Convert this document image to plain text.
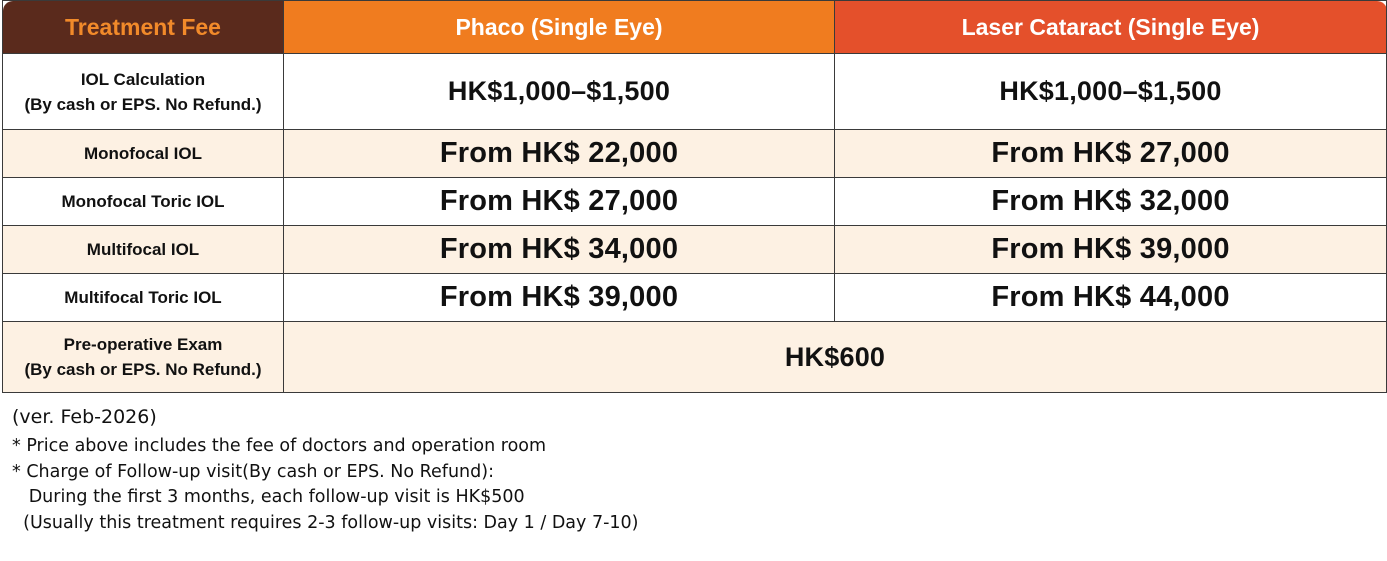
Treatment Fee	Phaco (Single Eye)	Laser Cataract (Single Eye)

IOL Calculation
(By cash or EPS. No Refund.)	HK$1,000–$1,500	HK$1,000–$1,500
Monofocal IOL	From HK$ 22,000	From HK$ 27,000
Monofocal Toric IOL	From HK$ 27,000	From HK$ 32,000
Multifocal IOL	From HK$ 34,000	From HK$ 39,000
Multifocal Toric IOL	From HK$ 39,000	From HK$ 44,000

Pre-operative Exam
(By cash or EPS. No Refund.)	HK$600	
(ver. Feb-2026)
* Price above includes the fee of doctors and operation room
* Charge of Follow-up visit(By cash or EPS. No Refund):
During the first 3 months, each follow-up visit is HK$500
(Usually this treatment requires 2-3 follow-up visits: Day 1 / Day 7-10)
